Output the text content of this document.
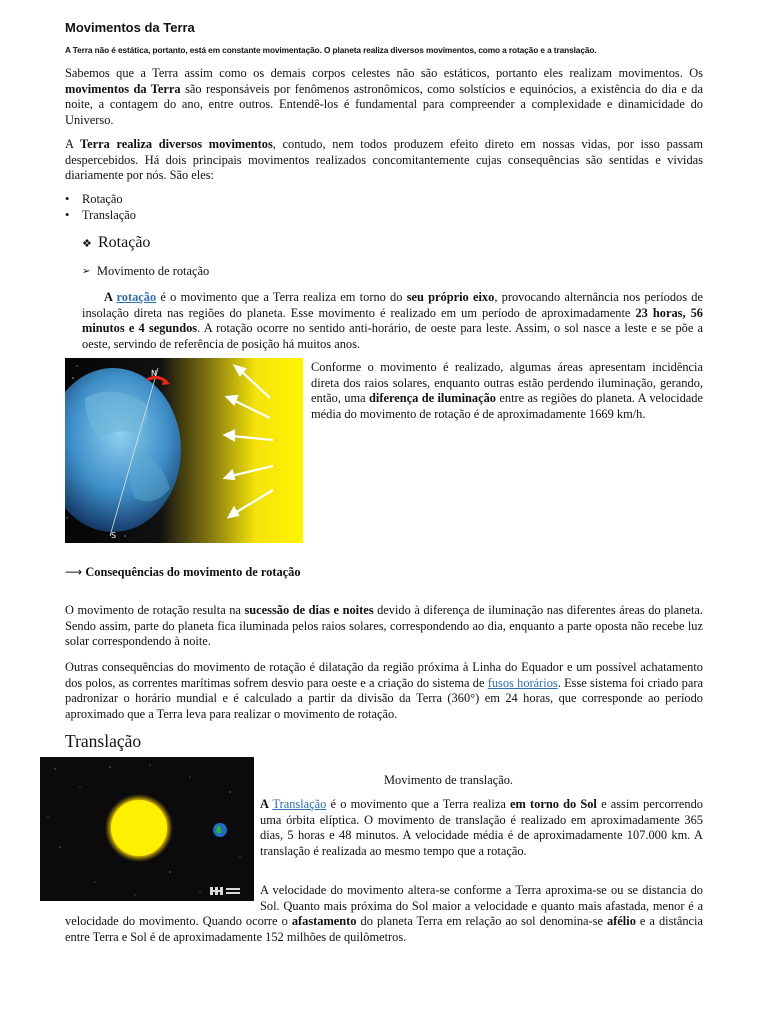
Movimentos da Terra
A Terra não é estática, portanto, está em constante movimentação. O planeta realiza diversos movimentos, como a rotação e a translação.

Sabemos que a Terra assim como os demais corpos celestes não são estáticos, portanto eles realizam movimentos. Os movimentos da Terra são responsáveis por fenômenos astronômicos, como solstícios e equinócios, a existência do dia e da noite, a contagem do ano, entre outros. Entendê-los é fundamental para compreender a complexidade e dinamicidade do Universo.

A Terra realiza diversos movimentos, contudo, nem todos produzem efeito direto em nossas vidas, por isso passam despercebidos. Há dois principais movimentos realizados concomitantemente cujas consequências são sentidas e vividas diariamente por nós. São eles:

• Rotação
• Translação
❖ Rotação
➢ Movimento de rotação

A rotação é o movimento que a Terra realiza em torno do seu próprio eixo, provocando alternância nos períodos de insolação direta nas regiões do planeta. Esse movimento é realizado em um período de aproximadamente 23 horas, 56 minutos e 4 segundos. A rotação ocorre no sentido anti-horário, de oeste para leste. Assim, o sol nasce a leste e se põe a oeste, servindo de referência de posição há muitos anos.

N
S

Conforme o movimento é realizado, algumas áreas apresentam incidência direta dos raios solares, enquanto outras estão perdendo iluminação, gerando, então, uma diferença de iluminação entre as regiões do planeta. A velocidade média do movimento de rotação é de aproximadamente 1669 km/h.

⟶ Consequências do movimento de rotação

O movimento de rotação resulta na sucessão de dias e noites devido à diferença de iluminação nas diferentes áreas do planeta. Sendo assim, parte do planeta fica iluminada pelos raios solares, correspondendo ao dia, enquanto a parte oposta não recebe luz solar correspondendo à noite.

Outras consequências do movimento de rotação é dilatação da região próxima à Linha do Equador e um possível achatamento dos polos, as correntes marítimas sofrem desvio para oeste e a criação do sistema de fusos horários. Esse sistema foi criado para padronizar o horário mundial e é calculado a partir da divisão da Terra (360°) em 24 horas, que corresponde ao período aproximado que a Terra leva para realizar o movimento de rotação.

Translação
Movimento de translação.

A Translação é o movimento que a Terra realiza em torno do Sol e assim percorrendo uma órbita elíptica. O movimento de translação é realizado em aproximadamente 365 dias, 5 horas e 48 minutos. A velocidade média é de aproximadamente 107.000 km. A translação é realizada ao mesmo tempo que a rotação.

A velocidade do movimento altera-se conforme a Terra aproxima-se ou se distancia do Sol. Quanto mais próxima do Sol maior a velocidade e quanto mais afastada, menor é a velocidade do movimento. Quando ocorre o afastamento do planeta Terra em relação ao sol denomina-se afélio e a distância entre Terra e Sol é de aproximadamente 152 milhões de quilômetros.
